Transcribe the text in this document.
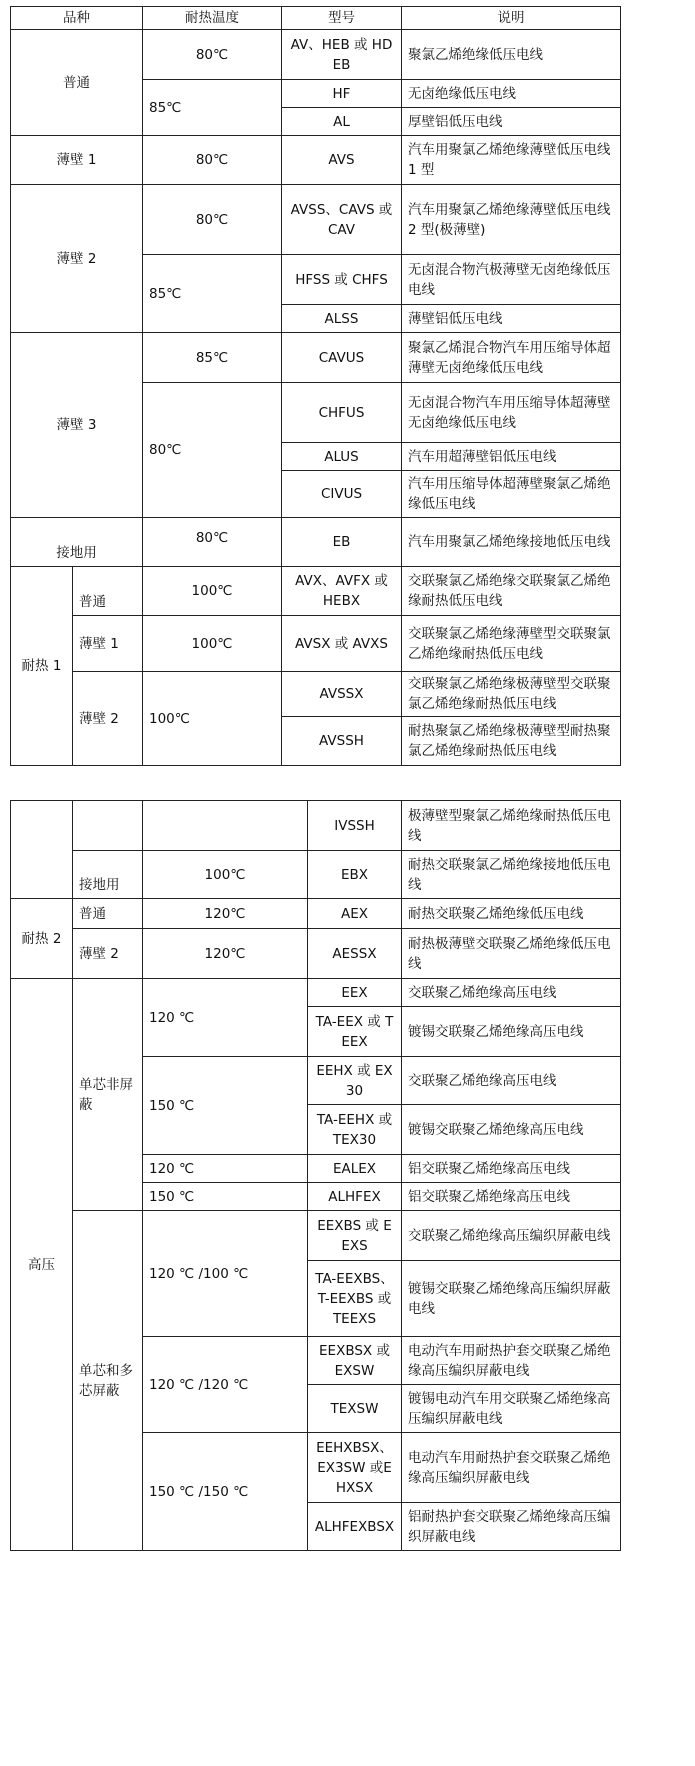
品种		耐热温度	型号	说明
普通		80℃	AV、HEB 或 HDEB	聚氯乙烯绝缘低压电线
		85℃	HF	无卤绝缘低压电线
			AL	厚壁铝低压电线
薄壁 1		80℃	AVS	汽车用聚氯乙烯绝缘薄壁低压电线 1 型
薄壁 2		80℃	AVSS、CAVS 或 CAV	汽车用聚氯乙烯绝缘薄壁低压电线 2 型(极薄壁)
		85℃	HFSS 或 CHFS	无卤混合物汽极薄壁无卤绝缘低压电线
			ALSS	薄壁铝低压电线
薄壁 3		85℃	CAVUS	聚氯乙烯混合物汽车用压缩导体超薄壁无卤绝缘低压电线
		80℃	CHFUS	无卤混合物汽车用压缩导体超薄壁无卤绝缘低压电线
			ALUS	汽车用超薄壁铝低压电线
			CIVUS	汽车用压缩导体超薄壁聚氯乙烯绝缘低压电线
接地用		80℃	EB	汽车用聚氯乙烯绝缘接地低压电线
耐热 1	普通	100℃	AVX、AVFX 或 HEBX	交联聚氯乙烯绝缘交联聚氯乙烯绝缘耐热低压电线
	薄壁 1	100℃	AVSX 或 AVXS	交联聚氯乙烯绝缘薄壁型交联聚氯乙烯绝缘耐热低压电线
	薄壁 2	100℃	AVSSX	交联聚氯乙烯绝缘极薄壁型交联聚氯乙烯绝缘耐热低压电线
			AVSSH	耐热聚氯乙烯绝缘极薄壁型耐热聚氯乙烯绝缘耐热低压电线
			IVSSH	极薄壁型聚氯乙烯绝缘耐热低压电线
	接地用	100℃	EBX	耐热交联聚氯乙烯绝缘接地低压电线
耐热 2	普通	120℃	AEX	耐热交联聚乙烯绝缘低压电线
	薄壁 2	120℃	AESSX	耐热极薄壁交联聚乙烯绝缘低压电线
高压	单芯非屏蔽	120 ℃	EEX	交联聚乙烯绝缘高压电线
			TA-EEX 或 TEEX	镀锡交联聚乙烯绝缘高压电线
		150 ℃	EEHX 或 EX30	交联聚乙烯绝缘高压电线
			TA-EEHX 或TEX30	镀锡交联聚乙烯绝缘高压电线
		120 ℃	EALEX	铝交联聚乙烯绝缘高压电线
		150 ℃	ALHFEX	铝交联聚乙烯绝缘高压电线
	单芯和多芯屏蔽	120 ℃ /100 ℃	EEXBS 或 EEXS	交联聚乙烯绝缘高压编织屏蔽电线
			TA-EEXBS、T-EEXBS 或TEEXS	镀锡交联聚乙烯绝缘高压编织屏蔽电线
		120 ℃ /120 ℃	EEXBSX 或 EXSW	电动汽车用耐热护套交联聚乙烯绝缘高压编织屏蔽电线
			TEXSW	镀锡电动汽车用交联聚乙烯绝缘高压编织屏蔽电线
		150 ℃ /150 ℃	EEHXBSX、EX3SW 或EHXSX	电动汽车用耐热护套交联聚乙烯绝缘高压编织屏蔽电线
			ALHFEXBSX	铝耐热护套交联聚乙烯绝缘高压编织屏蔽电线
